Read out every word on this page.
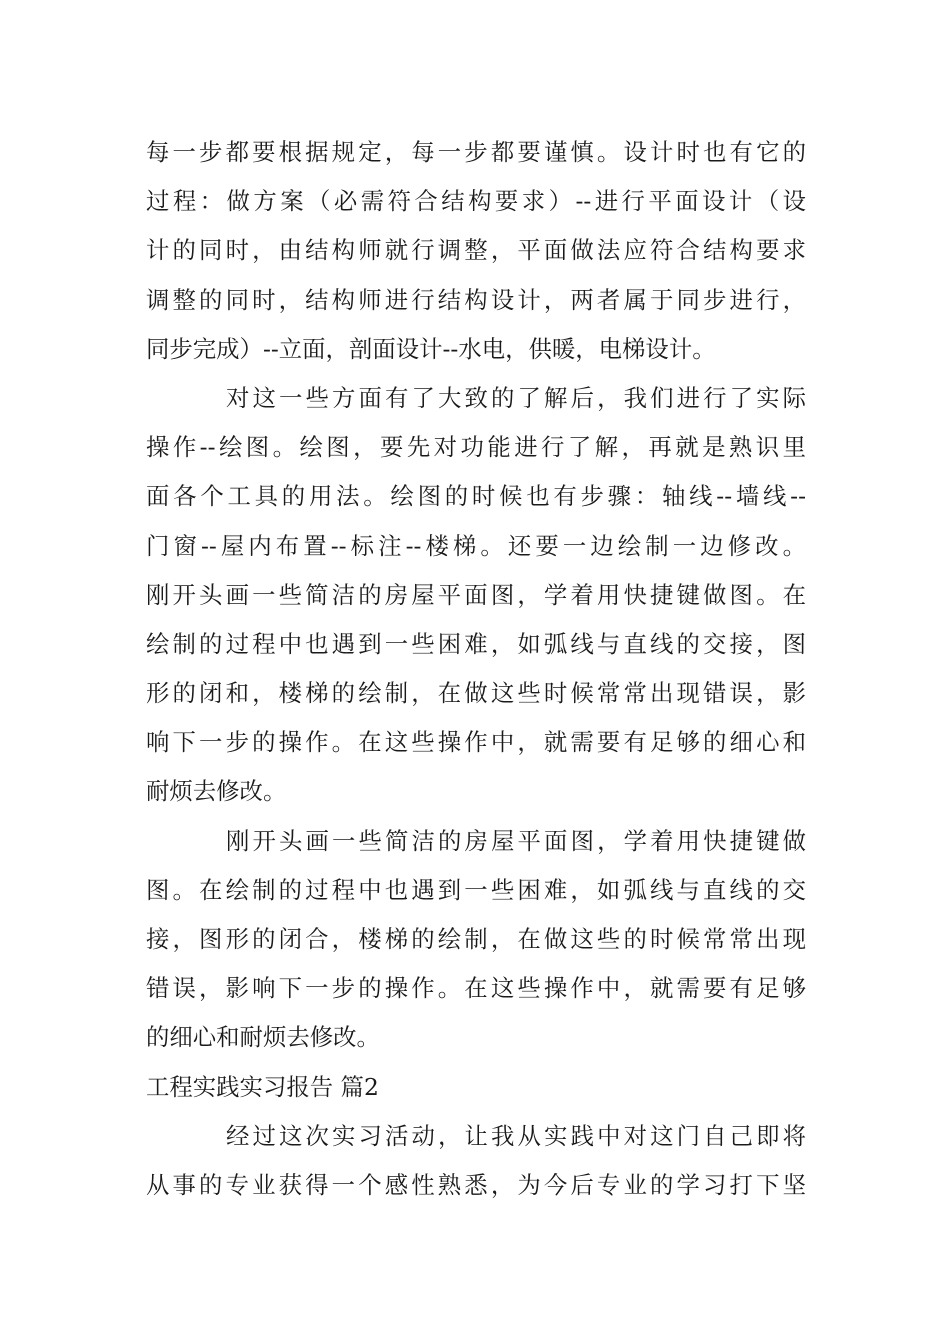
每一步都要根据规定，每一步都要谨慎。设计时也有它的
过程：做方案（必需符合结构要求）--进行平面设计（设
计的同时，由结构师就行调整，平面做法应符合结构要求
调整的同时，结构师进行结构设计，两者属于同步进行，
同步完成）--立面，剖面设计--水电，供暖，电梯设计。
对这一些方面有了大致的了解后，我们进行了实际
操作--绘图。绘图，要先对功能进行了解，再就是熟识里
面各个工具的用法。绘图的时候也有步骤：轴线--墙线--
门窗--屋内布置--标注--楼梯。还要一边绘制一边修改。
刚开头画一些简洁的房屋平面图，学着用快捷键做图。在
绘制的过程中也遇到一些困难，如弧线与直线的交接，图
形的闭和，楼梯的绘制，在做这些时候常常出现错误，影
响下一步的操作。在这些操作中，就需要有足够的细心和
耐烦去修改。
刚开头画一些简洁的房屋平面图，学着用快捷键做
图。在绘制的过程中也遇到一些困难，如弧线与直线的交
接，图形的闭合，楼梯的绘制，在做这些的时候常常出现
错误，影响下一步的操作。在这些操作中，就需要有足够
的细心和耐烦去修改。
工程实践实习报告 篇2
经过这次实习活动，让我从实践中对这门自己即将
从事的专业获得一个感性熟悉，为今后专业的学习打下坚
